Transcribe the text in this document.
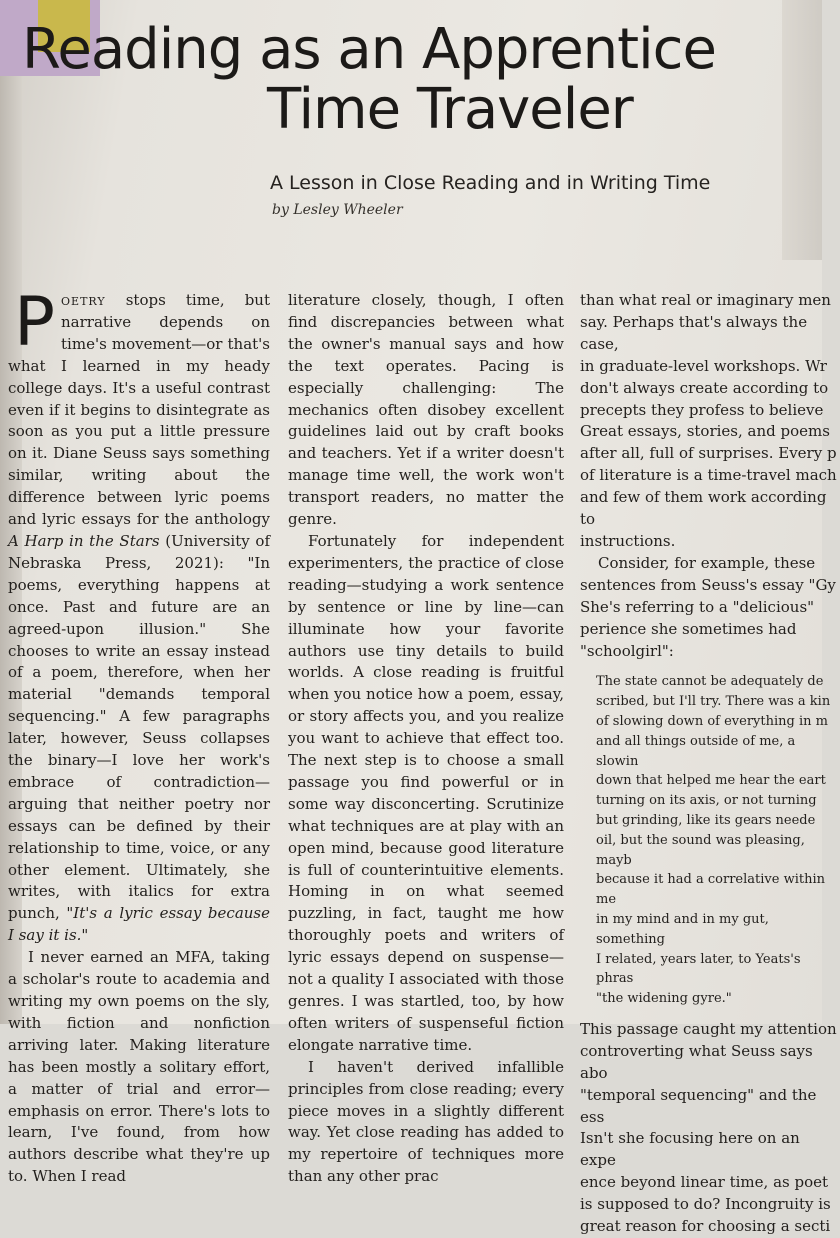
Reading as an Apprentice
Time Traveler
A Lesson in Close Reading and in Writing Time
by Lesley Wheeler

Poetry stops time, but narrative depends on time's movement—or that's what I learned in my heady college days. It's a useful contrast even if it begins to disintegrate as soon as you put a little pressure on it. Diane Seuss says something similar, writing about the difference between lyric poems and lyric essays for the anthology A Harp in the Stars (University of Nebraska Press, 2021): "In poems, everything happens at once. Past and future are an agreed-upon illusion." She chooses to write an essay instead of a poem, therefore, when her material "demands temporal sequencing." A few paragraphs later, however, Seuss collapses the binary—I love her work's embrace of contradiction—arguing that neither poetry nor essays can be defined by their relationship to time, voice, or any other element. Ultimately, she writes, with italics for extra punch, "It's a lyric essay because I say it is."

I never earned an MFA, taking a scholar's route to academia and writing my own poems on the sly, with fiction and nonfiction arriving later. Making literature has been mostly a solitary effort, a matter of trial and error—emphasis on error. There's lots to learn, I've found, from how authors describe what they're up to. When I read

literature closely, though, I often find discrepancies between what the owner's manual says and how the text operates. Pacing is especially challenging: The mechanics often disobey excellent guidelines laid out by craft books and teachers. Yet if a writer doesn't manage time well, the work won't transport readers, no matter the genre.

Fortunately for independent experimenters, the practice of close reading—studying a work sentence by sentence or line by line—can illuminate how your favorite authors use tiny details to build worlds. A close reading is fruitful when you notice how a poem, essay, or story affects you, and you realize you want to achieve that effect too. The next step is to choose a small passage you find powerful or in some way disconcerting. Scrutinize what techniques are at play with an open mind, because good literature is full of counterintuitive elements. Homing in on what seemed puzzling, in fact, taught me how thoroughly poets and writers of lyric essays depend on suspense—not a quality I associated with those genres. I was startled, too, by how often writers of suspenseful fiction elongate narrative time.

I haven't derived infallible principles from close reading; every piece moves in a slightly different way. Yet close reading has added to my repertoire of techniques more than any other prac

than what real or imaginary men
say. Perhaps that's always the case,
in graduate-level workshops. Wr
don't always create according to
precepts they profess to believe
Great essays, stories, and poems
after all, full of surprises. Every p
of literature is a time-travel mach
and few of them work according to
instructions.

Consider, for example, these
sentences from Seuss's essay "Gy
She's referring to a "delicious"
perience she sometimes had
"schoolgirl":

The state cannot be adequately de
scribed, but I'll try. There was a kin
of slowing down of everything in m
and all things outside of me, a slowin
down that helped me hear the eart
turning on its axis, or not turning
but grinding, like its gears neede
oil, but the sound was pleasing, mayb
because it had a correlative within me
in my mind and in my gut, something
I related, years later, to Yeats's phras
"the widening gyre."

This passage caught my attention
controverting what Seuss says abo
"temporal sequencing" and the ess
Isn't she focusing here on an expe
ence beyond linear time, as poet
is supposed to do? Incongruity is
great reason for choosing a secti
